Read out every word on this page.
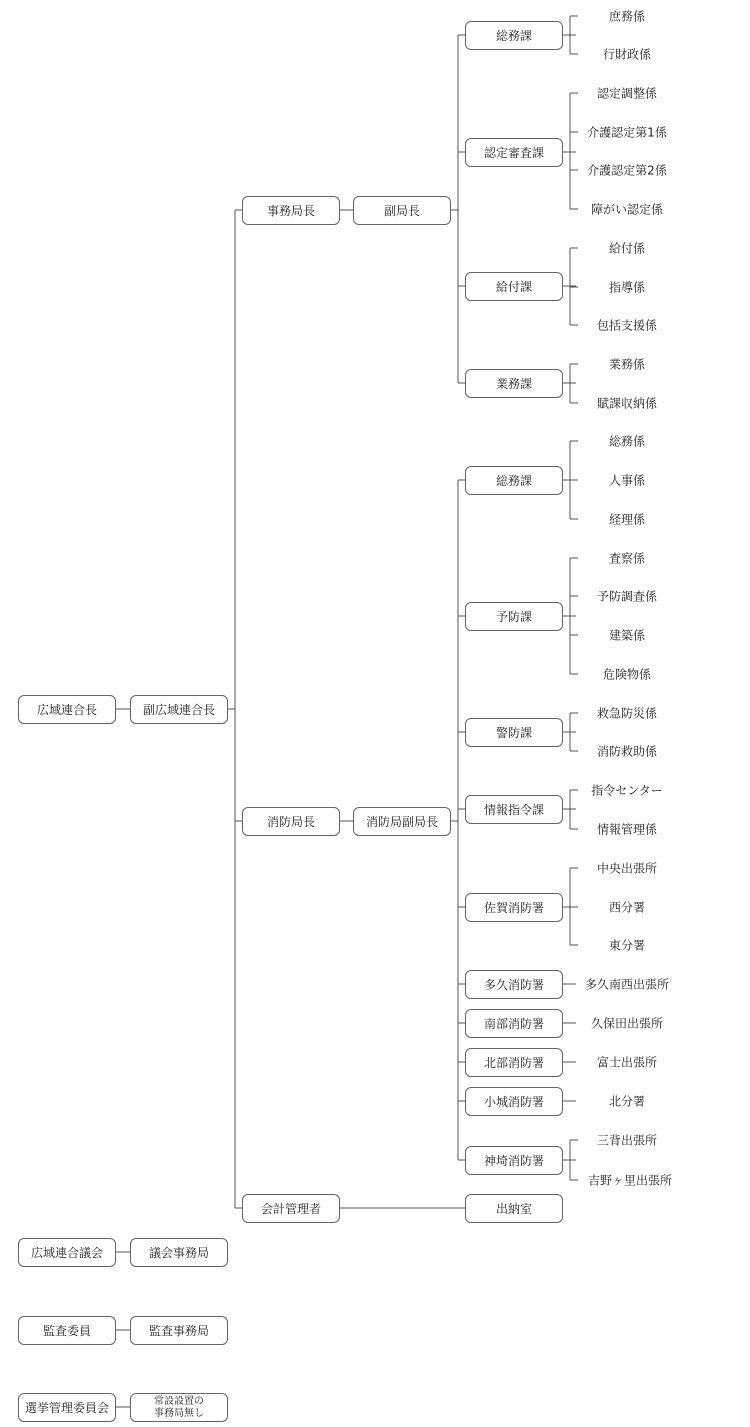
広域連合長	副広域連合長
事務局長	副局長
総務課
認定審査課
給付課
業務課
庶務係
行財政係
認定調整係
介護認定第1係
介護認定第2係
障がい認定係
給付係
指導係
包括支援係
業務係
賦課収納係
消防局長	消防局副局長
総務課
予防課
警防課
情報指令課
佐賀消防署
多久消防署
南部消防署
北部消防署
小城消防署
神埼消防署
総務係
人事係
経理係
査察係
予防調査係
建築係
危険物係
救急防災係
消防救助係
指令センター
情報管理係
中央出張所
西分署
東分署
多久南西出張所
久保田出張所
富士出張所
北分署
三背出張所
吉野ヶ里出張所
会計管理者	出納室
広域連合議会	議会事務局
監査委員	監査事務局
選挙管理委員会	常設設置の
事務局無し
